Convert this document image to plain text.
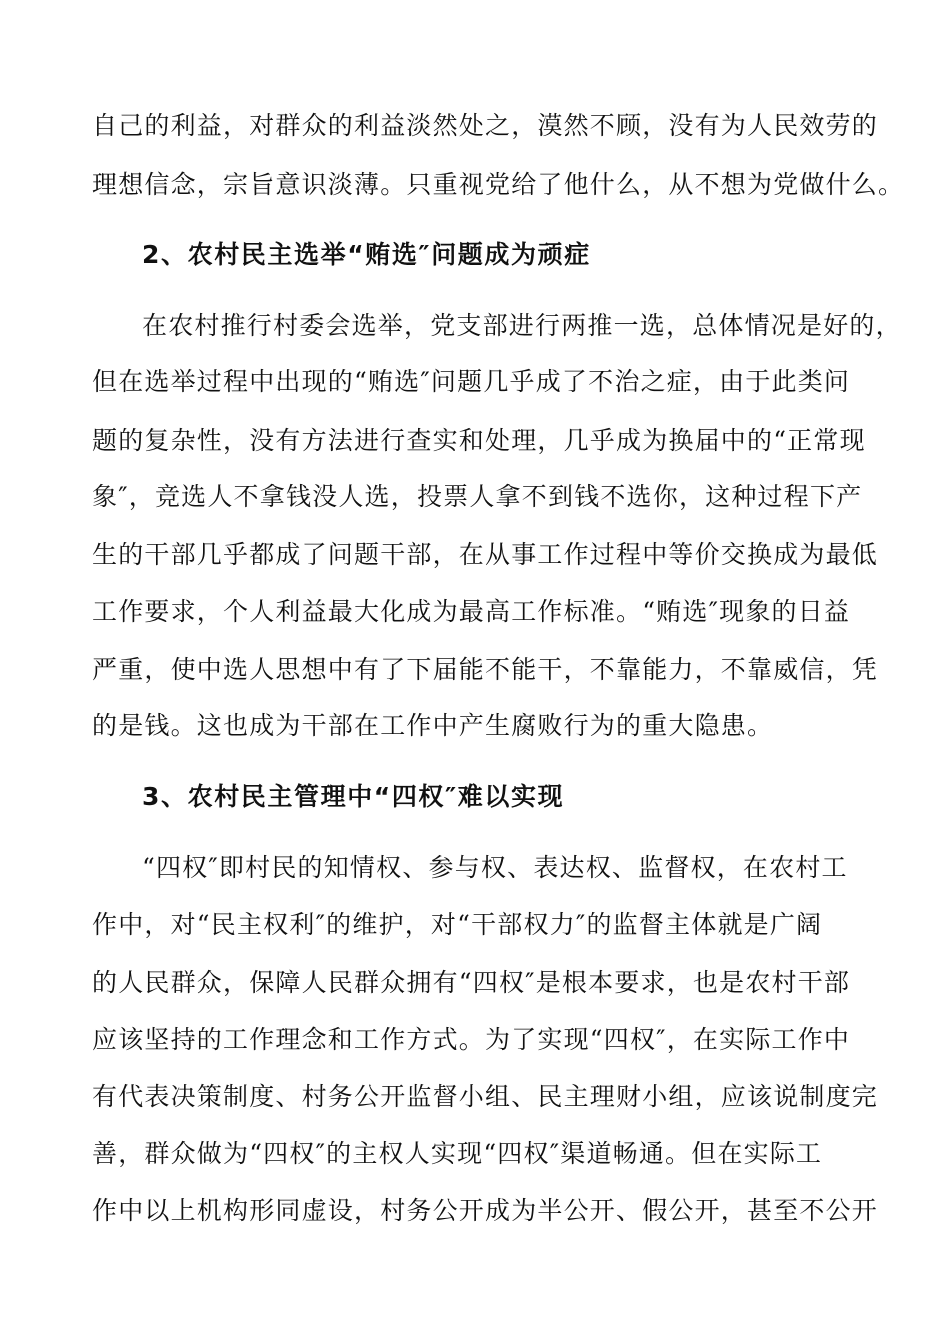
自己的利益，对群众的利益淡然处之，漠然不顾，没有为人民效劳的
理想信念，宗旨意识淡薄。只重视党给了他什么，从不想为党做什么。
2、农村民主选举“贿选″问题成为顽症
在农村推行村委会选举，党支部进行两推一选，总体情况是好的，
但在选举过程中出现的“贿选″问题几乎成了不治之症，由于此类问
题的复杂性，没有方法进行查实和处理，几乎成为换届中的“正常现
象″，竞选人不拿钱没人选，投票人拿不到钱不选你，这种过程下产
生的干部几乎都成了问题干部，在从事工作过程中等价交换成为最低
工作要求，个人利益最大化成为最高工作标准。“贿选″现象的日益
严重，使中选人思想中有了下届能不能干，不靠能力，不靠威信，凭
的是钱。这也成为干部在工作中产生腐败行为的重大隐患。
3、农村民主管理中“四权″难以实现
“四权″即村民的知情权、参与权、表达权、监督权，在农村工
作中，对“民主权利″的维护，对“干部权力″的监督主体就是广阔
的人民群众，保障人民群众拥有“四权″是根本要求，也是农村干部
应该坚持的工作理念和工作方式。为了实现“四权″，在实际工作中
有代表决策制度、村务公开监督小组、民主理财小组，应该说制度完
善，群众做为“四权″的主权人实现“四权″渠道畅通。但在实际工
作中以上机构形同虚设，村务公开成为半公开、假公开，甚至不公开
